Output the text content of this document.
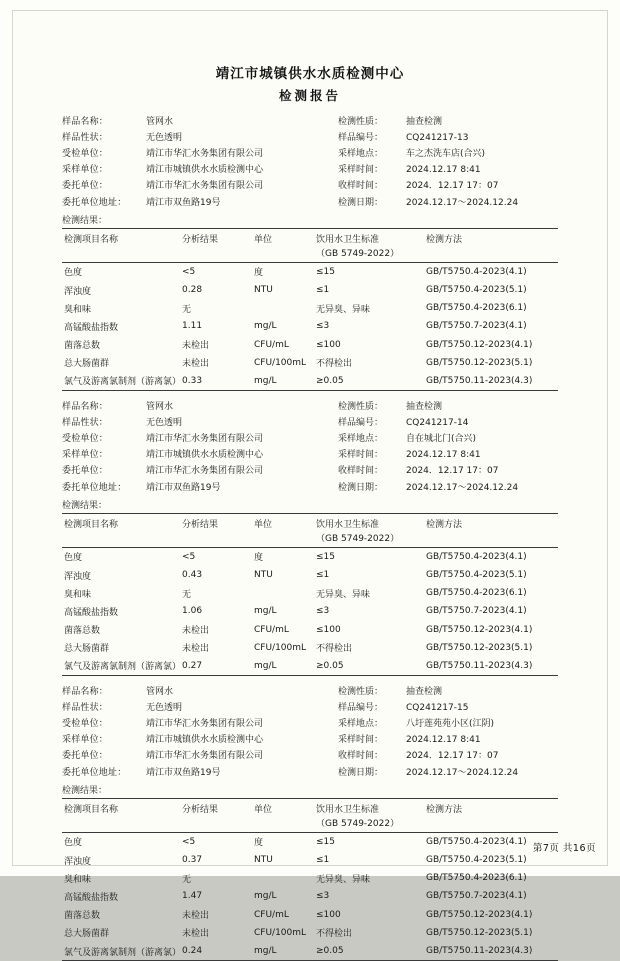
靖江市城镇供水水质检测中心
检测报告
样品名称：	管网水	检测性质：	抽查检测
样品性状：	无色透明	样品编号：	CQ241217-13
受检单位：	靖江市华汇水务集团有限公司	采样地点：	车之杰洗车店(合兴)
采样单位：	靖江市城镇供水水质检测中心	采样时间：	2024.12.17 8:41
委托单位：	靖江市华汇水务集团有限公司	收样时间：	2024．12.17 17：07
委托单位地址：	靖江市双鱼路19号	检测日期：	2024.12.17～2024.12.24
检测结果：
检测项目名称	分析结果	单位	饮用水卫生标准	检测方法
			（GB 5749-2022）	
色度	<5	度	≤15	GB/T5750.4-2023(4.1)
浑浊度	0.28	NTU	≤1	GB/T5750.4-2023(5.1)
臭和味	无		无异臭、异味	GB/T5750.4-2023(6.1)
高锰酸盐指数	1.11	mg/L	≤3	GB/T5750.7-2023(4.1)
菌落总数	未检出	CFU/mL	≤100	GB/T5750.12-2023(4.1)
总大肠菌群	未检出	CFU/100mL	不得检出	GB/T5750.12-2023(5.1)
氯气及游离氯制剂（游离氯）	0.33	mg/L	≥0.05	GB/T5750.11-2023(4.3)
样品名称：	管网水	检测性质：	抽查检测
样品性状：	无色透明	样品编号：	CQ241217-14
受检单位：	靖江市华汇水务集团有限公司	采样地点：	自在城北门(合兴)
采样单位：	靖江市城镇供水水质检测中心	采样时间：	2024.12.17 8:41
委托单位：	靖江市华汇水务集团有限公司	收样时间：	2024．12.17 17：07
委托单位地址：	靖江市双鱼路19号	检测日期：	2024.12.17～2024.12.24
检测结果：
检测项目名称	分析结果	单位	饮用水卫生标准	检测方法
			（GB 5749-2022）	
色度	<5	度	≤15	GB/T5750.4-2023(4.1)
浑浊度	0.43	NTU	≤1	GB/T5750.4-2023(5.1)
臭和味	无		无异臭、异味	GB/T5750.4-2023(6.1)
高锰酸盐指数	1.06	mg/L	≤3	GB/T5750.7-2023(4.1)
菌落总数	未检出	CFU/mL	≤100	GB/T5750.12-2023(4.1)
总大肠菌群	未检出	CFU/100mL	不得检出	GB/T5750.12-2023(5.1)
氯气及游离氯制剂（游离氯）	0.27	mg/L	≥0.05	GB/T5750.11-2023(4.3)
样品名称：	管网水	检测性质：	抽查检测
样品性状：	无色透明	样品编号：	CQ241217-15
受检单位：	靖江市华汇水务集团有限公司	采样地点：	八圩莲苑苑小区(江阴)
采样单位：	靖江市城镇供水水质检测中心	采样时间：	2024.12.17 8:41
委托单位：	靖江市华汇水务集团有限公司	收样时间：	2024．12.17 17：07
委托单位地址：	靖江市双鱼路19号	检测日期：	2024.12.17～2024.12.24
检测结果：
检测项目名称	分析结果	单位	饮用水卫生标准	检测方法
			（GB 5749-2022）	
色度	<5	度	≤15	GB/T5750.4-2023(4.1)
浑浊度	0.37	NTU	≤1	GB/T5750.4-2023(5.1)
臭和味	无		无异臭、异味	GB/T5750.4-2023(6.1)
高锰酸盐指数	1.47	mg/L	≤3	GB/T5750.7-2023(4.1)
菌落总数	未检出	CFU/mL	≤100	GB/T5750.12-2023(4.1)
总大肠菌群	未检出	CFU/100mL	不得检出	GB/T5750.12-2023(5.1)
氯气及游离氯制剂（游离氯）	0.24	mg/L	≥0.05	GB/T5750.11-2023(4.3)
第7页 共16页
